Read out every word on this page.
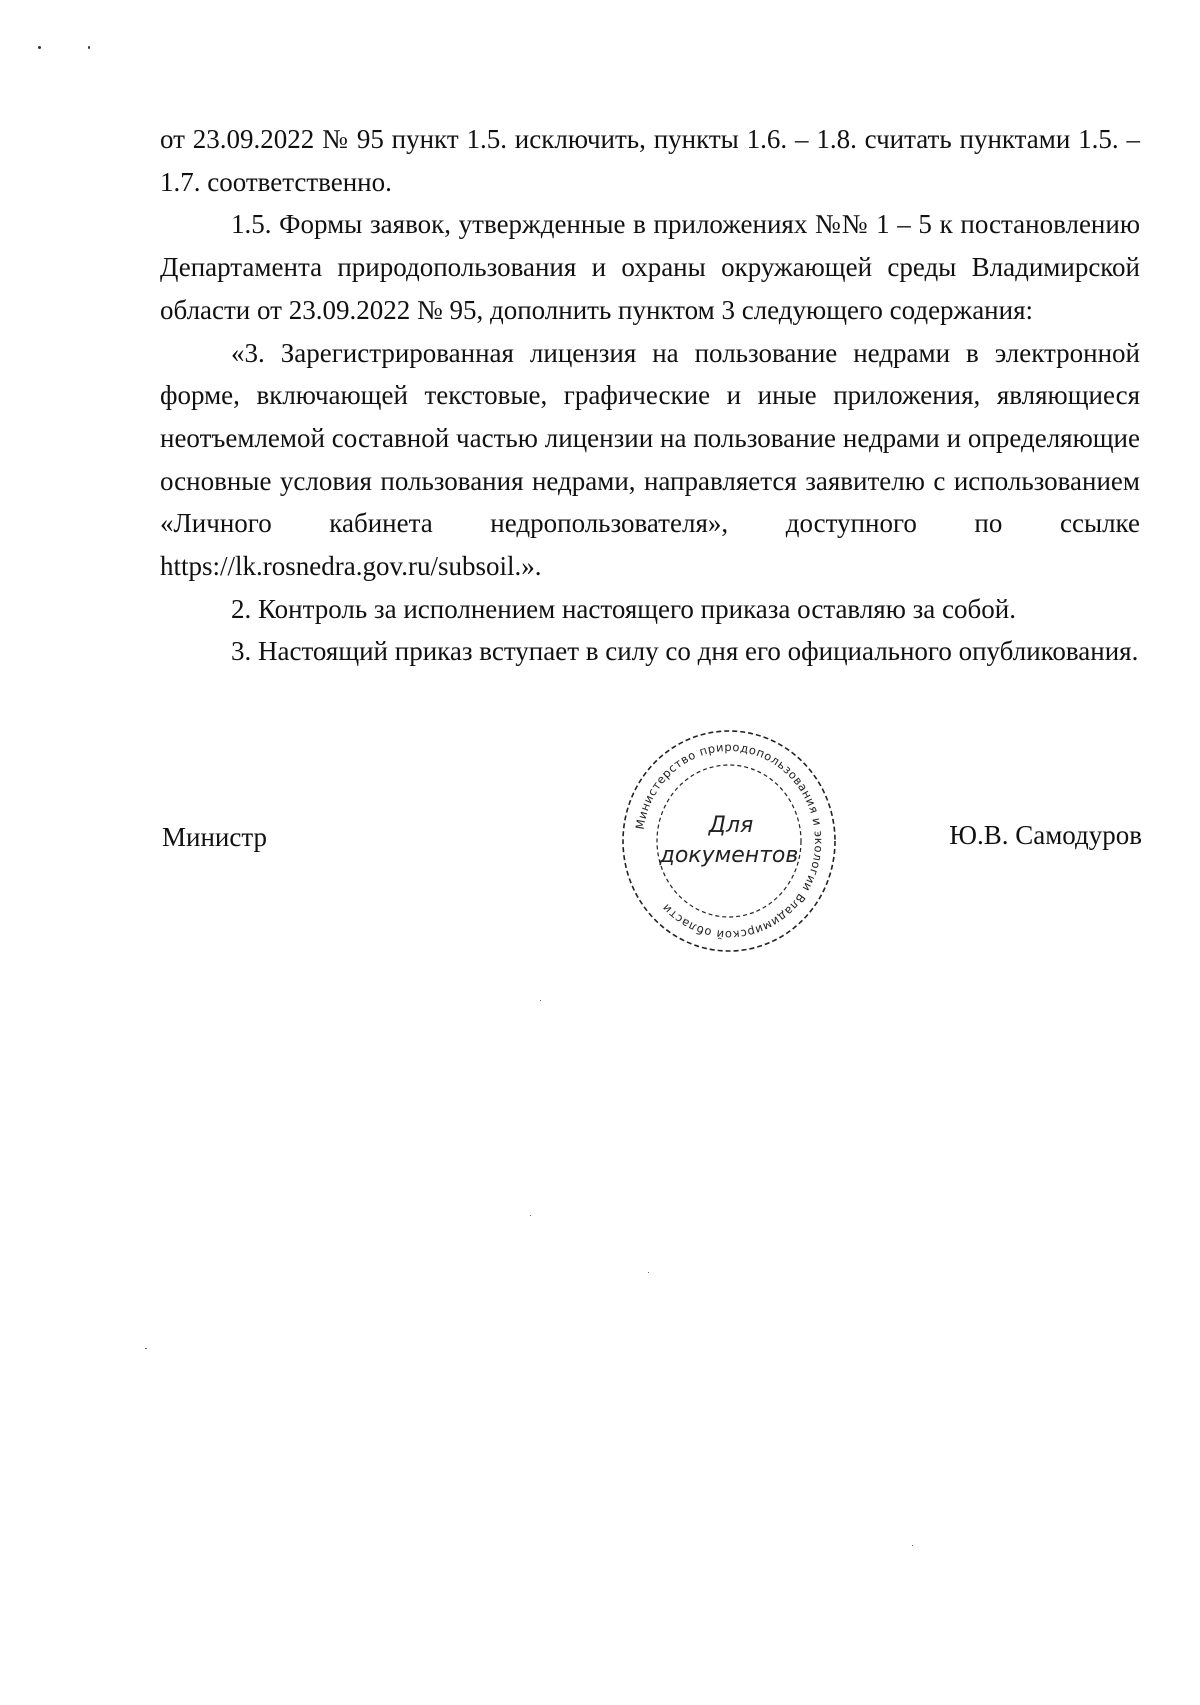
от 23.09.2022 № 95 пункт 1.5. исключить, пункты 1.6. – 1.8. считать пунктами 1.5. – 1.7. соответственно.

1.5. Формы заявок, утвержденные в приложениях №№ 1 – 5 к постановлению Департамента природопользования и охраны окружающей среды Владимирской области от 23.09.2022 № 95, дополнить пунктом 3 следующего содержания:

«3. Зарегистрированная лицензия на пользование недрами в электронной форме, включающей текстовые, графические и иные приложения, являющиеся неотъемлемой составной частью лицензии на пользование недрами и определяющие основные условия пользования недрами, направляется заявителю с использованием «Личного кабинета недропользователя», доступного по ссылке https://lk.rosnedra.gov.ru/subsoil.».

2. Контроль за исполнением настоящего приказа оставляю за собой.

3. Настоящий приказ вступает в силу со дня его официального опубликования.

Министр	Ю.В. Самодуров
Министерство природопользования и экологии Владимирской области
Для
документов
